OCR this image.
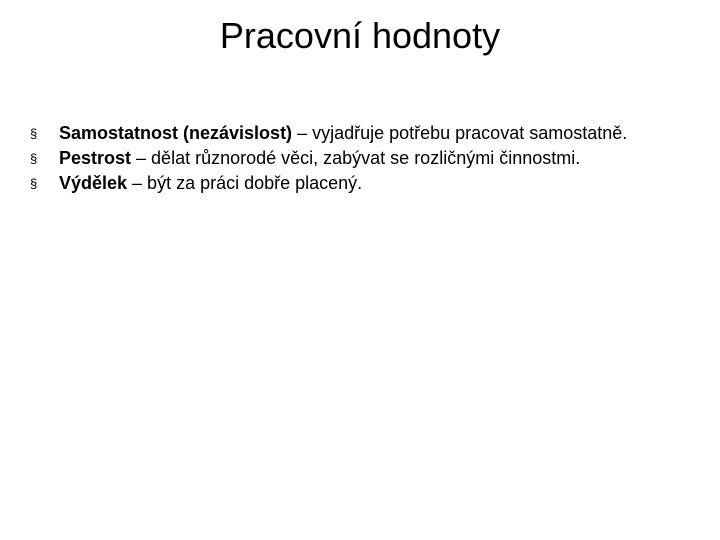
Pracovní hodnoty
§ Samostatnost (nezávislost) – vyjadřuje potřebu pracovat samostatně.
§ Pestrost – dělat různorodé věci, zabývat se rozličnými činnostmi.
§ Výdělek – být za práci dobře placený.
